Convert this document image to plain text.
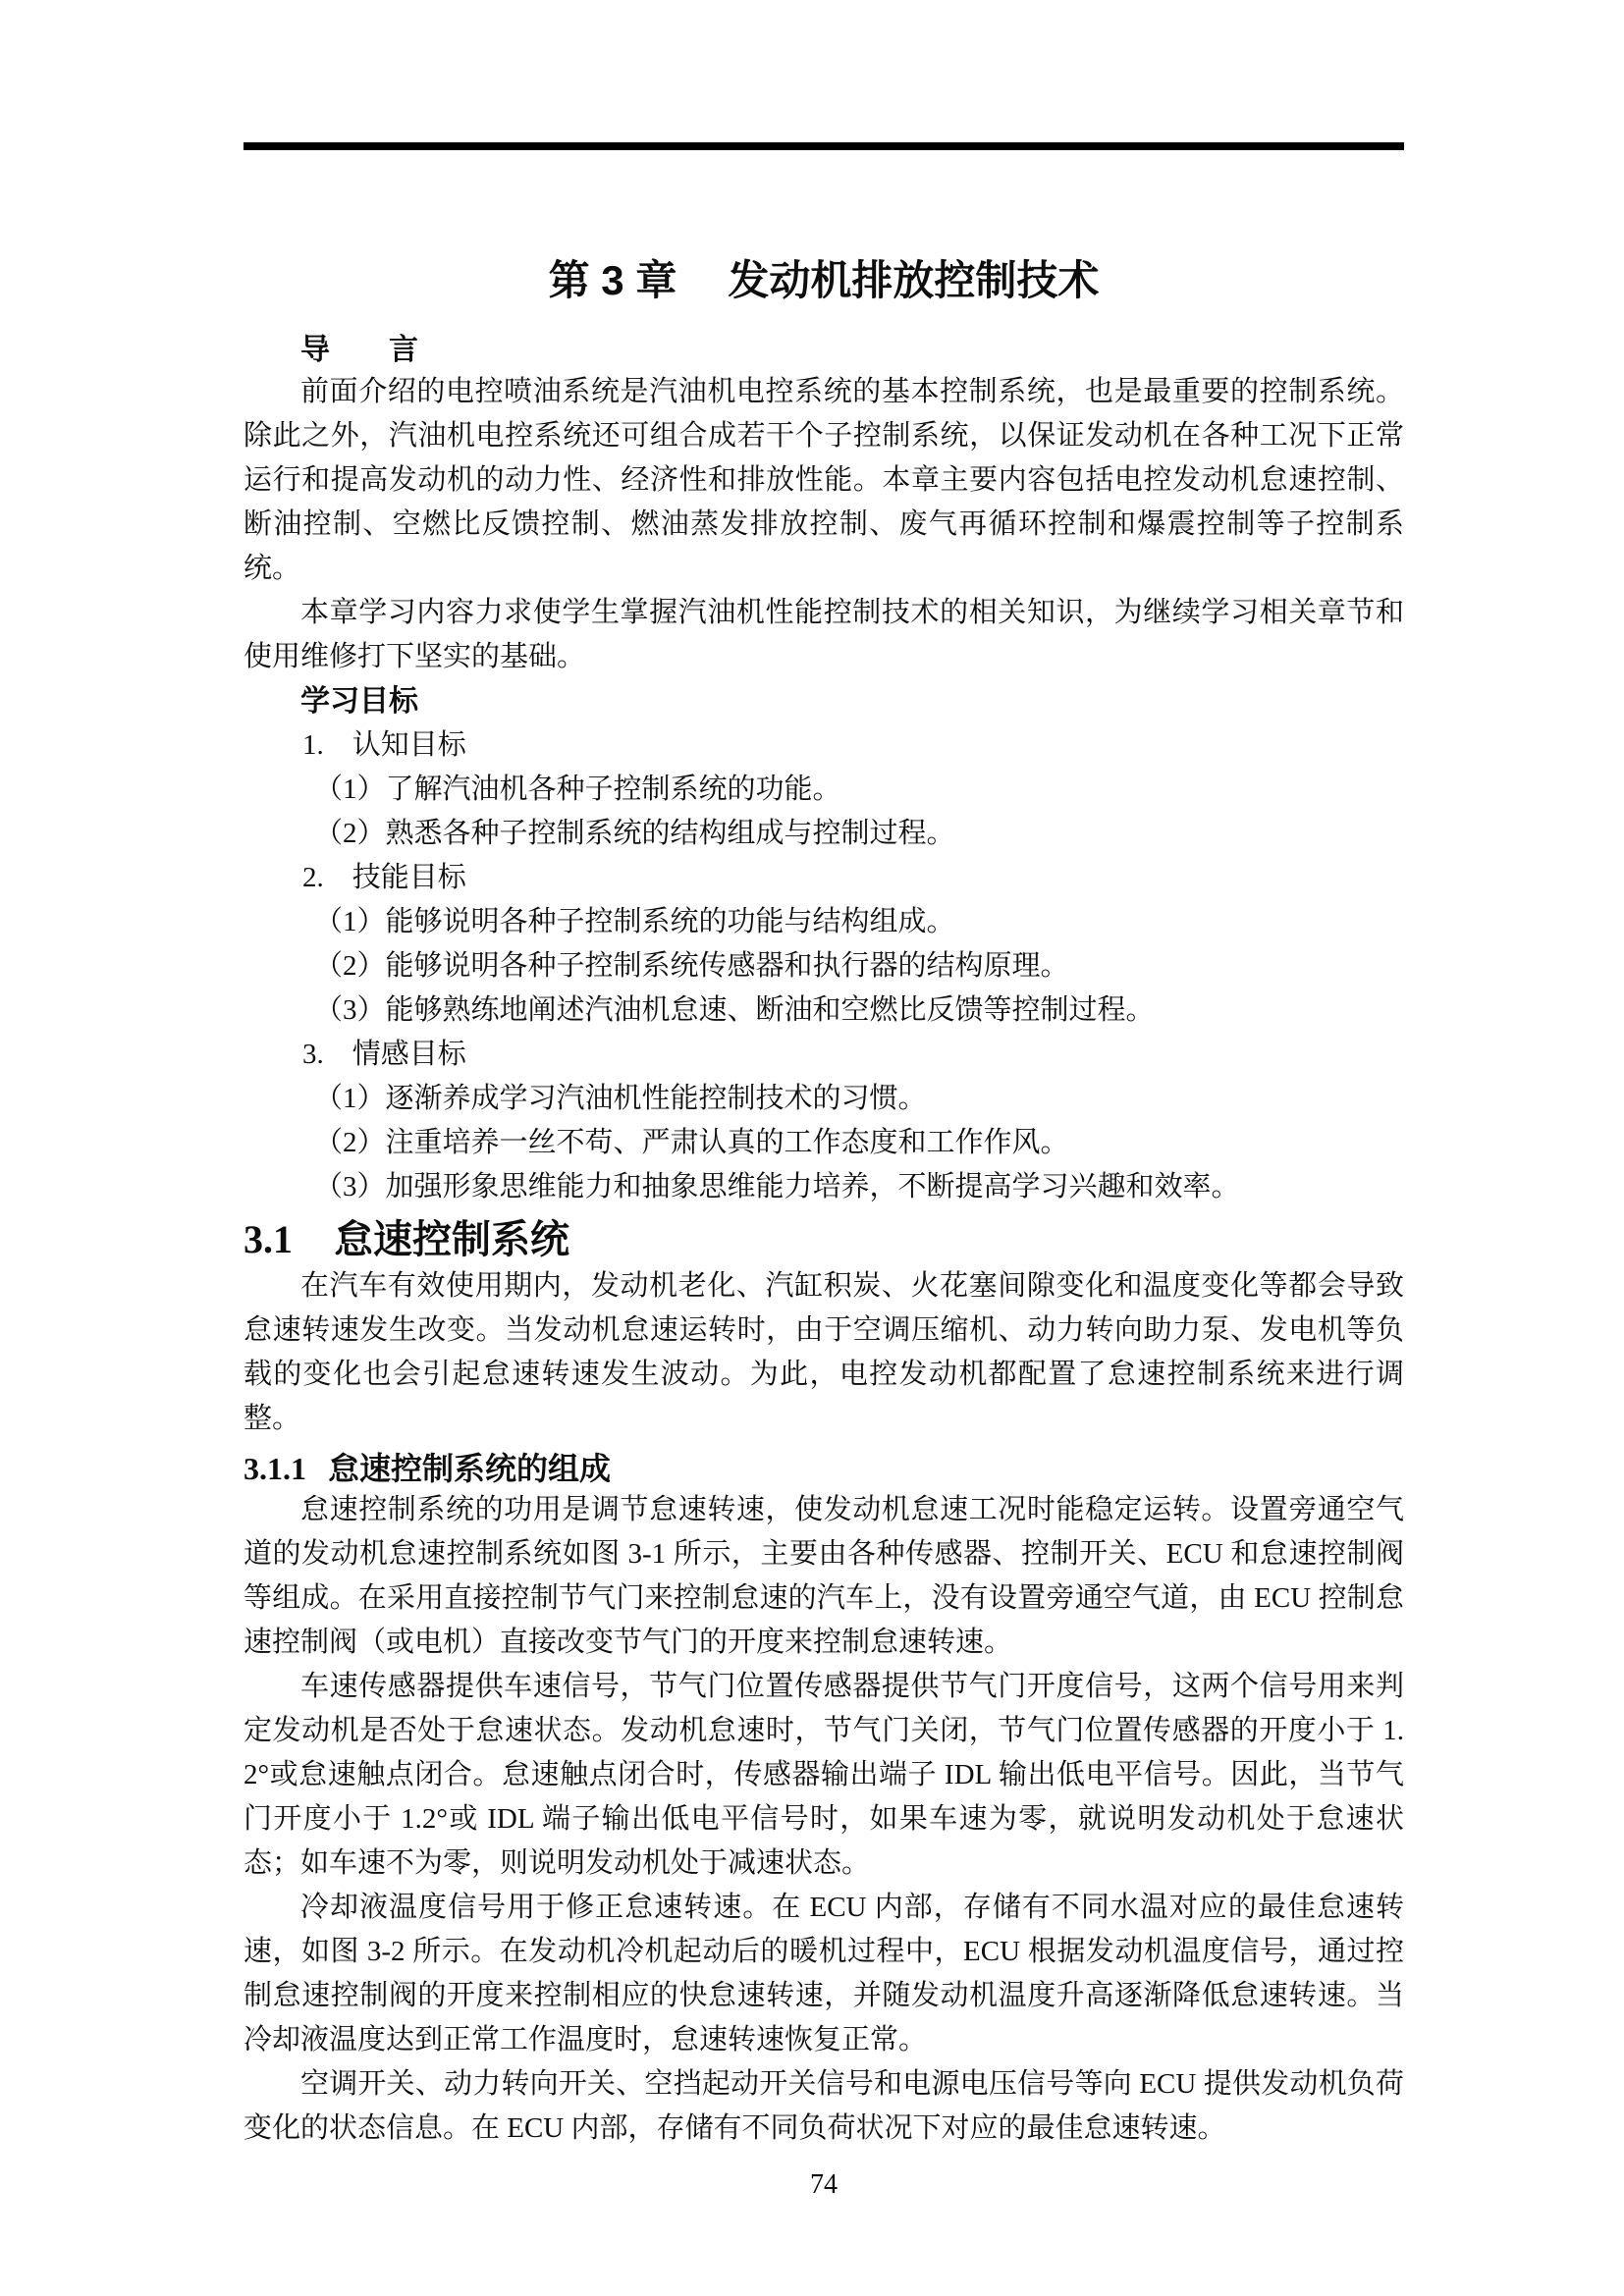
第 3 章 发动机排放控制技术
导　　言

前面介绍的电控喷油系统是汽油机电控系统的基本控制系统，也是最重要的控制系统。除此之外，汽油机电控系统还可组合成若干个子控制系统，以保证发动机在各种工况下正常运行和提高发动机的动力性、经济性和排放性能。本章主要内容包括电控发动机怠速控制、断油控制、空燃比反馈控制、燃油蒸发排放控制、废气再循环控制和爆震控制等子控制系统。

本章学习内容力求使学生掌握汽油机性能控制技术的相关知识，为继续学习相关章节和使用维修打下坚实的基础。

学习目标
1.　认知目标
（1）了解汽油机各种子控制系统的功能。
（2）熟悉各种子控制系统的结构组成与控制过程。
2.　技能目标
（1）能够说明各种子控制系统的功能与结构组成。
（2）能够说明各种子控制系统传感器和执行器的结构原理。
（3）能够熟练地阐述汽油机怠速、断油和空燃比反馈等控制过程。
3.　情感目标
（1）逐渐养成学习汽油机性能控制技术的习惯。
（2）注重培养一丝不苟、严肃认真的工作态度和工作作风。
（3）加强形象思维能力和抽象思维能力培养，不断提高学习兴趣和效率。
3.1 怠速控制系统

在汽车有效使用期内，发动机老化、汽缸积炭、火花塞间隙变化和温度变化等都会导致怠速转速发生改变。当发动机怠速运转时，由于空调压缩机、动力转向助力泵、发电机等负载的变化也会引起怠速转速发生波动。为此，电控发动机都配置了怠速控制系统来进行调整。

3.1.1 怠速控制系统的组成

怠速控制系统的功用是调节怠速转速，使发动机怠速工况时能稳定运转。设置旁通空气道的发动机怠速控制系统如图 3-1 所示，主要由各种传感器、控制开关、ECU 和怠速控制阀等组成。在采用直接控制节气门来控制怠速的汽车上，没有设置旁通空气道，由 ECU 控制怠速控制阀（或电机）直接改变节气门的开度来控制怠速转速。

车速传感器提供车速信号，节气门位置传感器提供节气门开度信号，这两个信号用来判定发动机是否处于怠速状态。发动机怠速时，节气门关闭，节气门位置传感器的开度小于 1.2°或怠速触点闭合。怠速触点闭合时，传感器输出端子 IDL 输出低电平信号。因此，当节气门开度小于 1.2°或 IDL 端子输出低电平信号时，如果车速为零，就说明发动机处于怠速状态；如车速不为零，则说明发动机处于减速状态。

冷却液温度信号用于修正怠速转速。在 ECU 内部，存储有不同水温对应的最佳怠速转速，如图 3-2 所示。在发动机冷机起动后的暖机过程中，ECU 根据发动机温度信号，通过控制怠速控制阀的开度来控制相应的快怠速转速，并随发动机温度升高逐渐降低怠速转速。当冷却液温度达到正常工作温度时，怠速转速恢复正常。

空调开关、动力转向开关、空挡起动开关信号和电源电压信号等向 ECU 提供发动机负荷变化的状态信息。在 ECU 内部，存储有不同负荷状况下对应的最佳怠速转速。

74
